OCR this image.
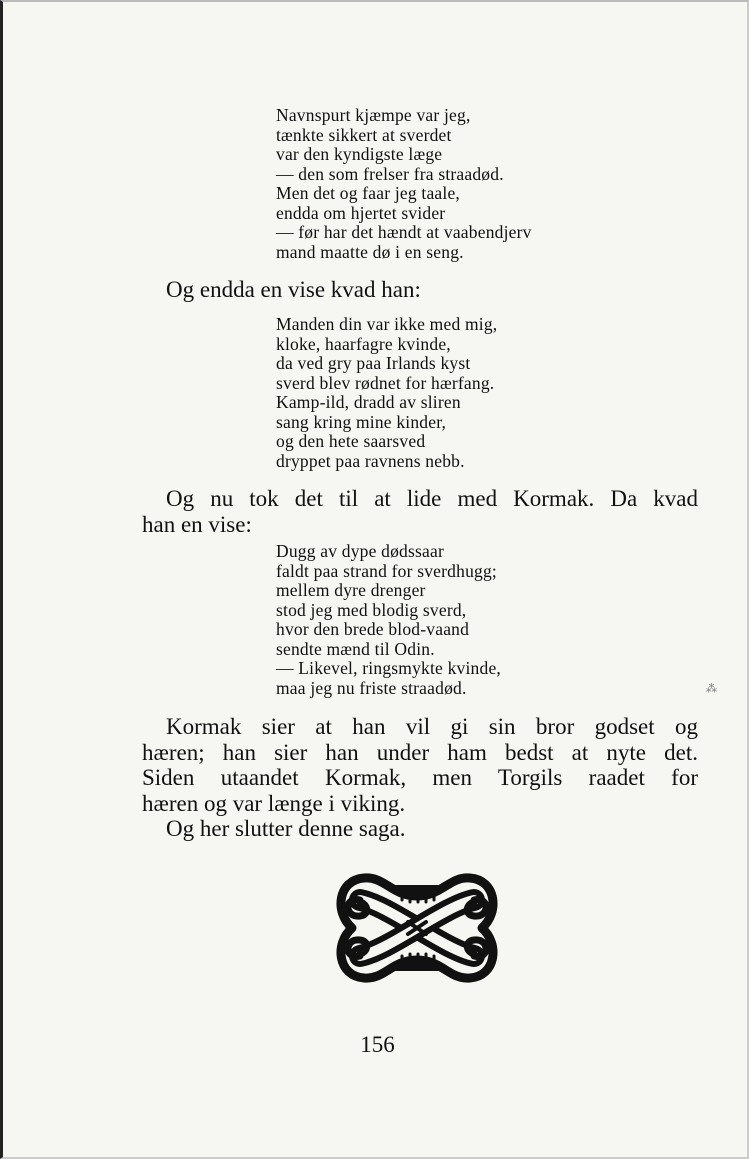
Navnspurt kjæmpe var jeg,
tænkte sikkert at sverdet
var den kyndigste læge
— den som frelser fra straadød.
Men det og faar jeg taale,
endda om hjertet svider
— før har det hændt at vaabendjerv
mand maatte dø i en seng.
Og endda en vise kvad han:
Manden din var ikke med mig,
kloke, haarfagre kvinde,
da ved gry paa Irlands kyst
sverd blev rødnet for hærfang.
Kamp-ild, dradd av sliren
sang kring mine kinder,
og den hete saarsved
dryppet paa ravnens nebb.
Og nu tok det til at lide med Kormak. Da kvad
han en vise:
Dugg av dype dødssaar
faldt paa strand for sverdhugg;
mellem dyre drenger
stod jeg med blodig sverd,
hvor den brede blod-vaand
sendte mænd til Odin.
— Likevel, ringsmykte kvinde,
maa jeg nu friste straadød.	⁂
Kormak sier at han vil gi sin bror godset og
hæren; han sier han under ham bedst at nyte det.
Siden utaandet Kormak, men Torgils raadet for
hæren og var længe i viking.
Og her slutter denne saga.
156
